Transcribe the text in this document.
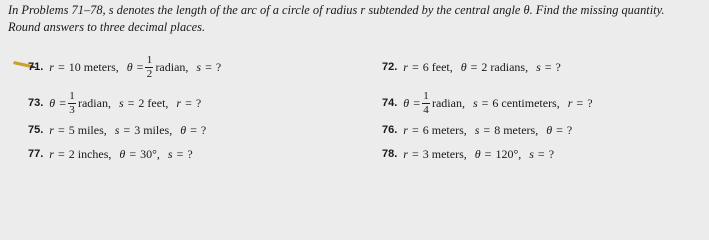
In Problems 71–78, s denotes the length of the arc of a circle of radius r subtended by the central angle θ. Find the missing quantity.
Round answers to three decimal places.
71. r = 10 meters, $\theta = \frac{1}{2}$ radian, s = ?	72. r = 6 feet, θ = 2 radians, s = ?
73. $\theta = \frac{1}{3}$ radian, s = 2 feet, r = ?	74. $\theta = \frac{1}{4}$ radian, s = 6 centimeters, r = ?
75. r = 5 miles, s = 3 miles, θ = ?	76. r = 6 meters, s = 8 meters, θ = ?
77. r = 2 inches, θ = 30°, s = ?	78. r = 3 meters, θ = 120°, s = ?
